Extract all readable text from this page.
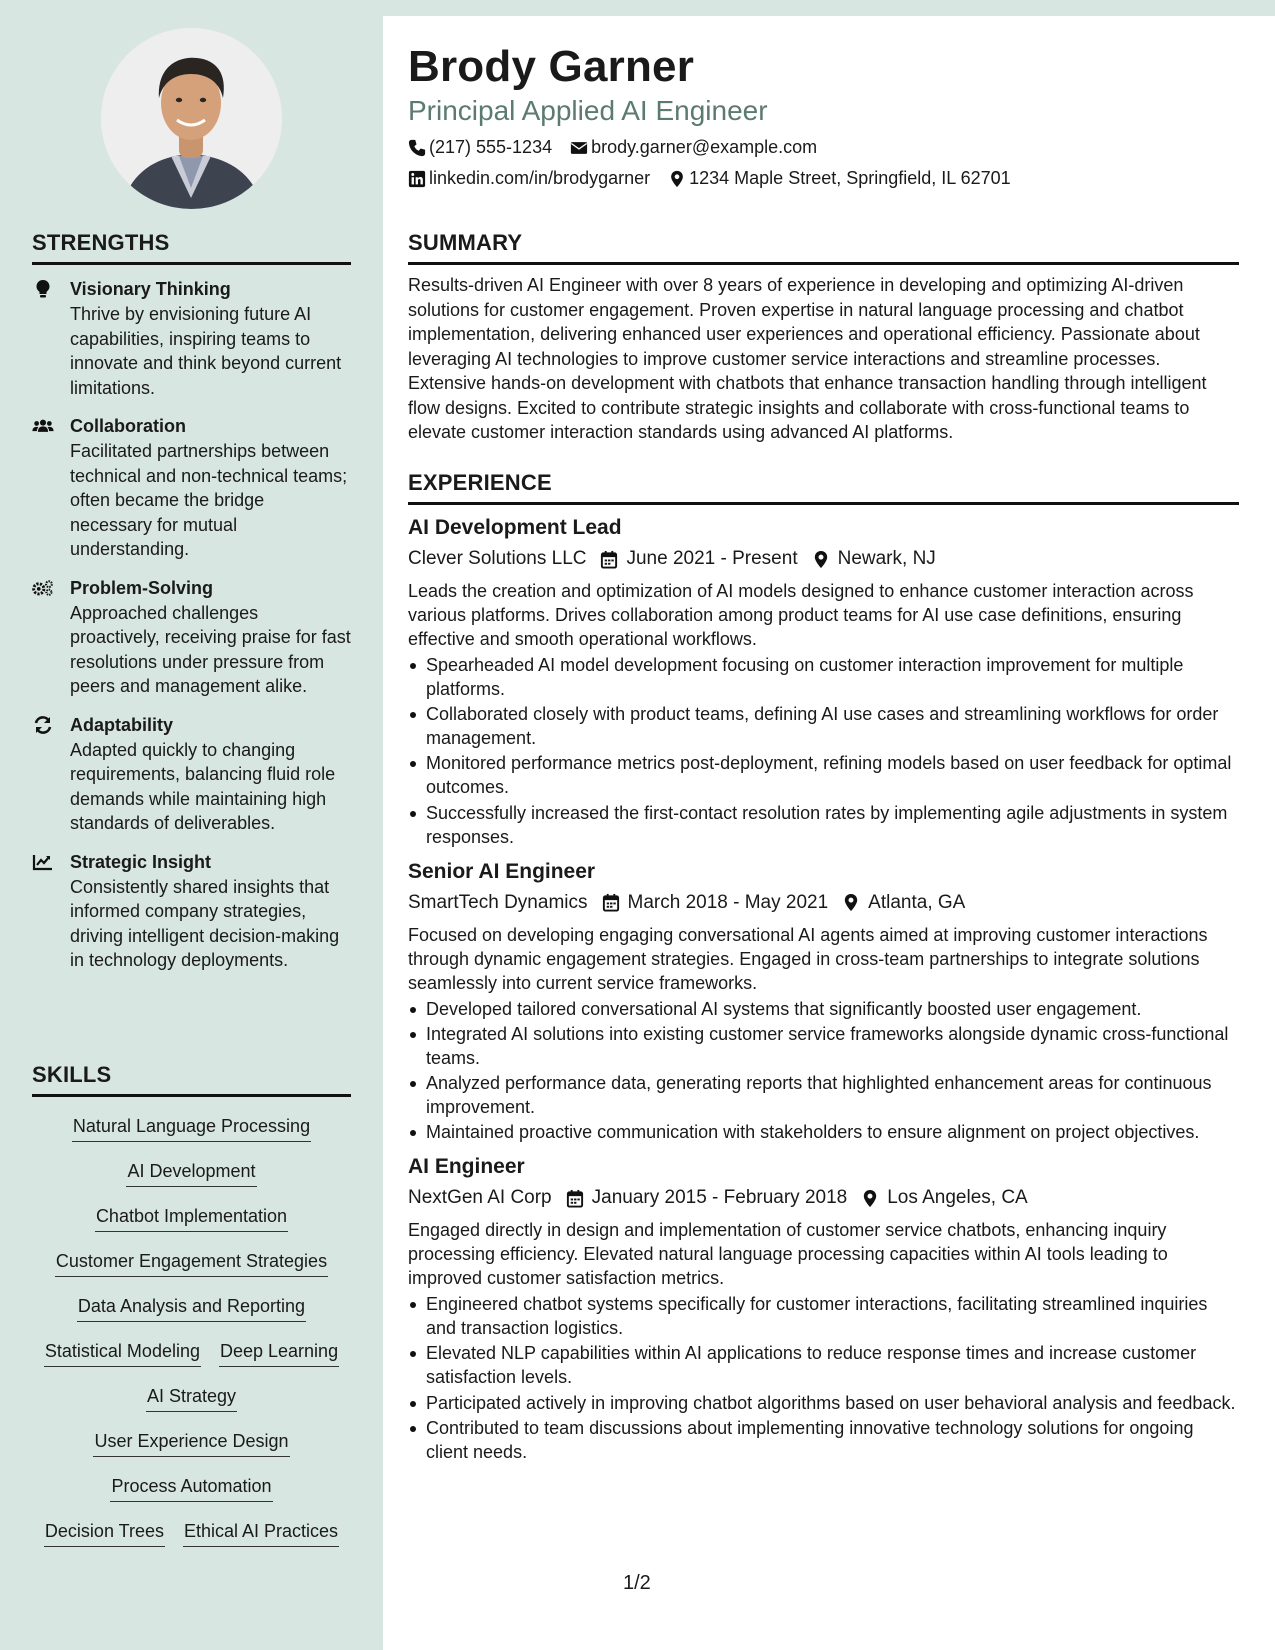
STRENGTHS
Visionary Thinking
Thrive by envisioning future AI capabilities, inspiring teams to innovate and think beyond current limitations.
Collaboration
Facilitated partnerships between technical and non-technical teams; often became the bridge necessary for mutual understanding.
Problem-Solving
Approached challenges proactively, receiving praise for fast resolutions under pressure from peers and management alike.
Adaptability
Adapted quickly to changing requirements, balancing fluid role demands while maintaining high standards of deliverables.
Strategic Insight
Consistently shared insights that informed company strategies, driving intelligent decision-making in technology deployments.
SKILLS
Natural Language Processing
AI Development
Chatbot Implementation
Customer Engagement Strategies
Data Analysis and Reporting
Statistical Modeling Deep Learning
AI Strategy
User Experience Design
Process Automation
Decision Trees Ethical AI Practices
Brody Garner
Principal Applied AI Engineer
(217) 555-1234 brody.garner@example.com
linkedin.com/in/brodygarner 1234 Maple Street, Springfield, IL 62701
SUMMARY
Results-driven AI Engineer with over 8 years of experience in developing and optimizing AI-driven solutions for customer engagement. Proven expertise in natural language processing and chatbot implementation, delivering enhanced user experiences and operational efficiency. Passionate about leveraging AI technologies to improve customer service interactions and streamline processes. Extensive hands-on development with chatbots that enhance transaction handling through intelligent flow designs. Excited to contribute strategic insights and collaborate with cross-functional teams to elevate customer interaction standards using advanced AI platforms.
EXPERIENCE
AI Development Lead
Clever Solutions LLC June 2021 - Present Newark, NJ
Leads the creation and optimization of AI models designed to enhance customer interaction across various platforms. Drives collaboration among product teams for AI use case definitions, ensuring effective and smooth operational workflows.
Spearheaded AI model development focusing on customer interaction improvement for multiple platforms.
Collaborated closely with product teams, defining AI use cases and streamlining workflows for order management.
Monitored performance metrics post-deployment, refining models based on user feedback for optimal outcomes.
Successfully increased the first-contact resolution rates by implementing agile adjustments in system responses.
Senior AI Engineer
SmartTech Dynamics March 2018 - May 2021 Atlanta, GA
Focused on developing engaging conversational AI agents aimed at improving customer interactions through dynamic engagement strategies. Engaged in cross-team partnerships to integrate solutions seamlessly into current service frameworks.
Developed tailored conversational AI systems that significantly boosted user engagement.
Integrated AI solutions into existing customer service frameworks alongside dynamic cross-functional teams.
Analyzed performance data, generating reports that highlighted enhancement areas for continuous improvement.
Maintained proactive communication with stakeholders to ensure alignment on project objectives.
AI Engineer
NextGen AI Corp January 2015 - February 2018 Los Angeles, CA
Engaged directly in design and implementation of customer service chatbots, enhancing inquiry processing efficiency. Elevated natural language processing capacities within AI tools leading to improved customer satisfaction metrics.
Engineered chatbot systems specifically for customer interactions, facilitating streamlined inquiries and transaction logistics.
Elevated NLP capabilities within AI applications to reduce response times and increase customer satisfaction levels.
Participated actively in improving chatbot algorithms based on user behavioral analysis and feedback.
Contributed to team discussions about implementing innovative technology solutions for ongoing client needs.
1/2
